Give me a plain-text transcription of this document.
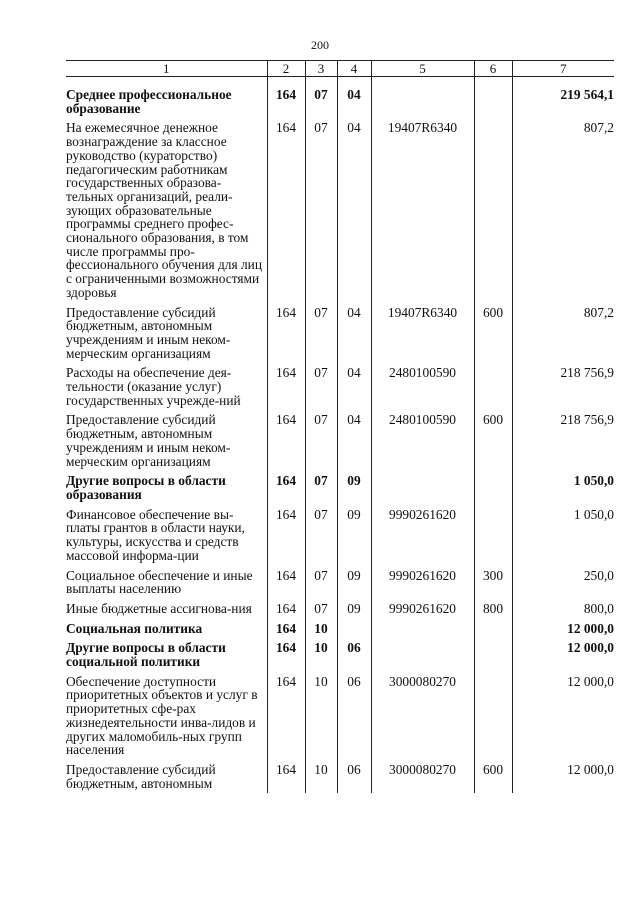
200
1	2	3	4	5	6	7

Среднее профессиональное образование	164	07	04			219 564,1
На ежемесячное денежное вознаграждение за классное руководство (кураторство) педагогическим работникам государственных образова-тельных организаций, реали-зующих образовательные программы среднего профес-сионального образования, в том числе программы про-фессионального обучения для лиц с ограниченными возможностями здоровья	164	07	04	19407R6340		807,2
Предоставление субсидий бюджетным, автономным учреждениям и иным неком-мерческим организациям	164	07	04	19407R6340	600	807,2
Расходы на обеспечение дея-тельности (оказание услуг) государственных учрежде-ний	164	07	04	2480100590		218 756,9
Предоставление субсидий бюджетным, автономным учреждениям и иным неком-мерческим организациям	164	07	04	2480100590	600	218 756,9
Другие вопросы в области образования	164	07	09			1 050,0
Финансовое обеспечение вы-платы грантов в области науки, культуры, искусства и средств массовой информа-ции	164	07	09	9990261620		1 050,0
Социальное обеспечение и иные выплаты населению	164	07	09	9990261620	300	250,0
Иные бюджетные ассигнова-ния	164	07	09	9990261620	800	800,0
Социальная политика	164	10				12 000,0
Другие вопросы в области социальной политики	164	10	06			12 000,0
Обеспечение доступности приоритетных объектов и услуг в приоритетных сфе-рах жизнедеятельности инва-лидов и других маломобиль-ных групп населения	164	10	06	3000080270		12 000,0
Предоставление субсидий бюджетным, автономным	164	10	06	3000080270	600	12 000,0
